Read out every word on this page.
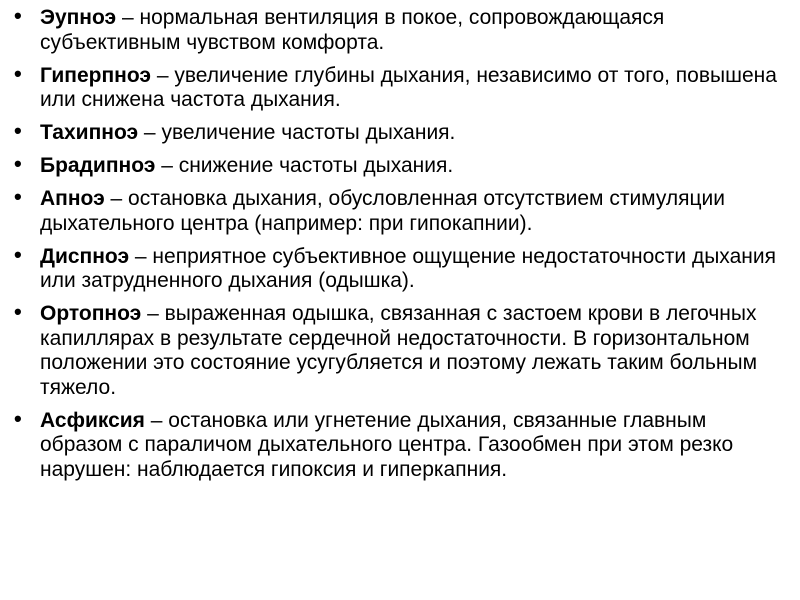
• Эупноэ – нормальная вентиляция в покое, сопровождающаяся субъективным чувством комфорта.
• Гиперпноэ – увеличение глубины дыхания, независимо от того, повышена или снижена частота дыхания.
• Тахипноэ – увеличение частоты дыхания.
• Брадипноэ – снижение частоты дыхания.
• Апноэ – остановка дыхания, обусловленная отсутствием стимуляции дыхательного центра (например: при гипокапнии).
• Диспноэ – неприятное субъективное ощущение недостаточности дыхания или затрудненного дыхания (одышка).
• Ортопноэ – выраженная одышка, связанная с застоем крови в легочных капиллярах в результате сердечной недостаточности. В горизонтальном положении это состояние усугубляется и поэтому лежать таким больным тяжело.
• Асфиксия – остановка или угнетение дыхания, связанные главным образом с параличом дыхательного центра. Газообмен при этом резко нарушен: наблюдается гипоксия и гиперкапния.
